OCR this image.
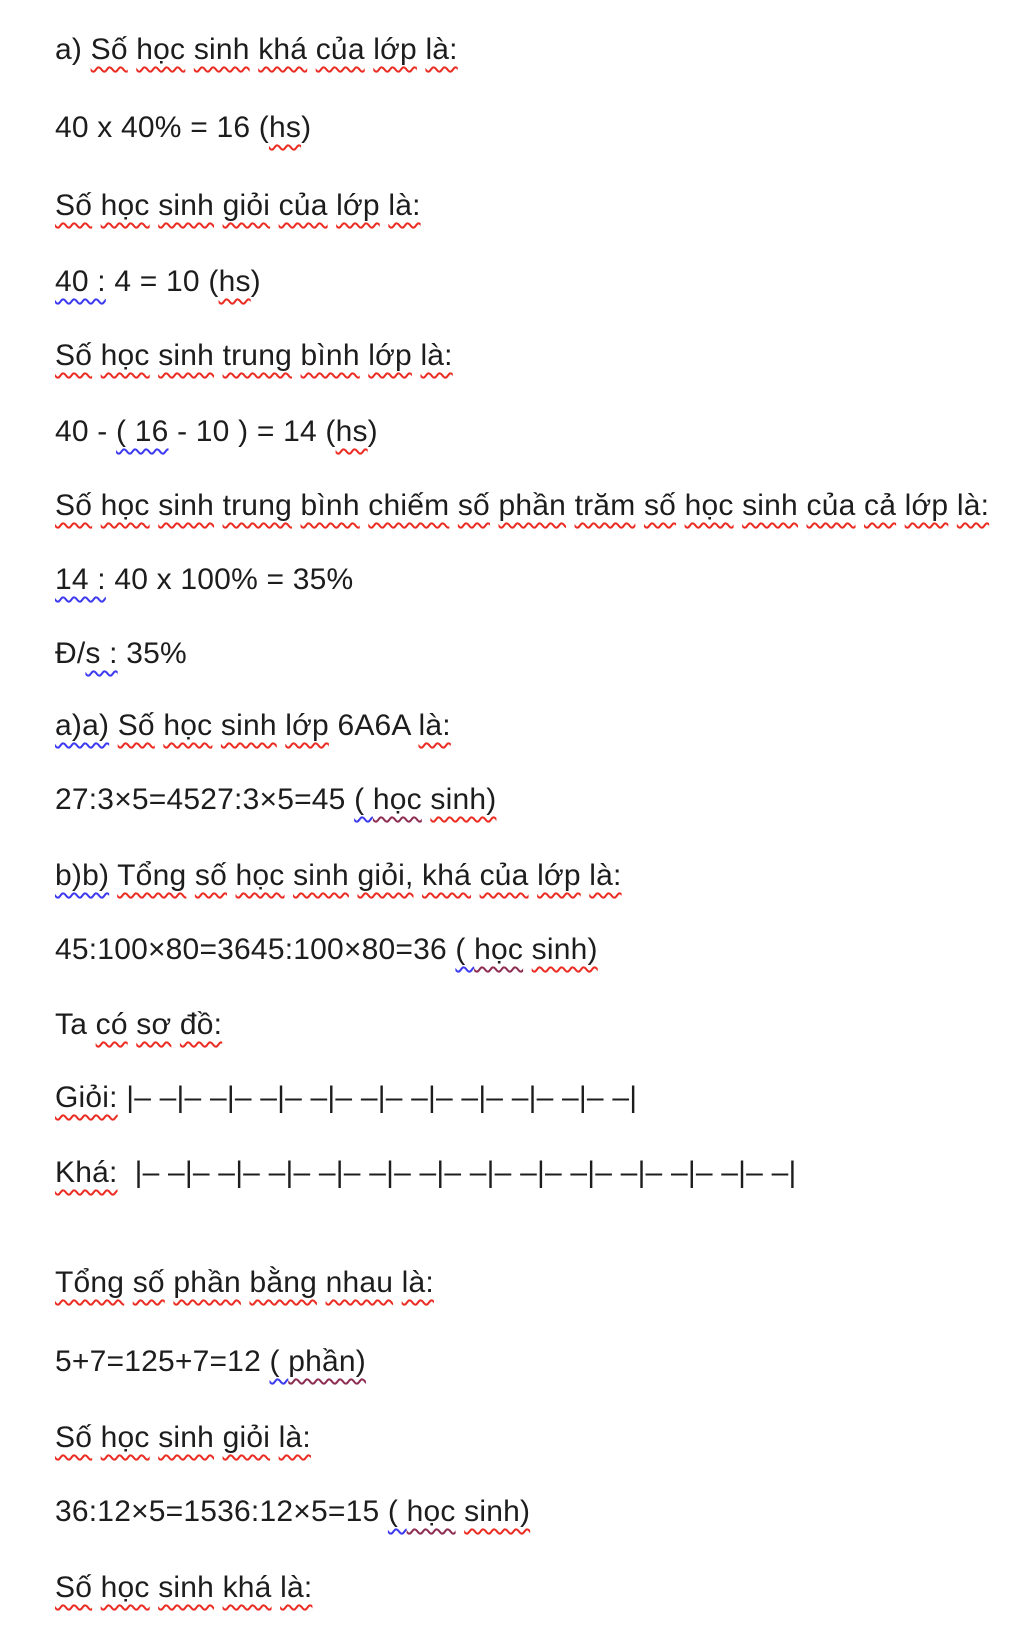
a) Số học sinh khá của lớp là:
40 x 40% = 16 (hs)
Số học sinh giỏi của lớp là:
40 : 4 = 10 (hs)
Số học sinh trung bình lớp là:
40 - ( 16 - 10 ) = 14 (hs)
Số học sinh trung bình chiếm số phần trăm số học sinh của cả lớp là:
14 : 40 x 100% = 35%
Đ/s : 35%
a)a) Số học sinh lớp 6A6A là:
27:3×5=4527:3×5=45 ( học sinh)
b)b) Tổng số học sinh giỏi, khá của lớp là:
45:100×80=3645:100×80=36 ( học sinh)
Ta có sơ đồ:
Giỏi: |– –|– –|– –|– –|– –|– –|– –|– –|– –|– –|
Khá: |– –|– –|– –|– –|– –|– –|– –|– –|– –|– –|– –|– –|– –|
Tổng số phần bằng nhau là:
5+7=125+7=12 ( phần)
Số học sinh giỏi là:
36:12×5=1536:12×5=15 ( học sinh)
Số học sinh khá là:
